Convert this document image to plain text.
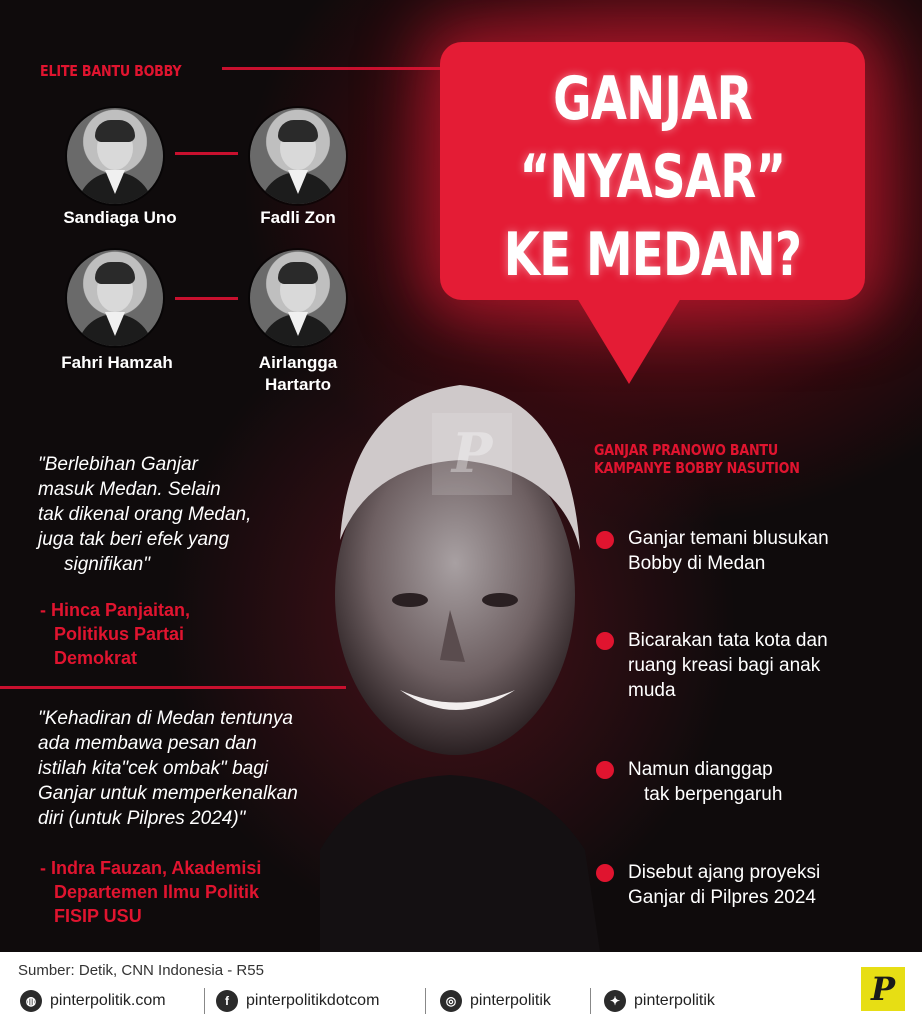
ELITE BANTU BOBBY
Sandiaga Uno	Fadli Zon
Fahri Hamzah	Airlangga
Hartarto
GANJAR
“NYASAR”
KE MEDAN?
P
"Berlebihan Ganjar
masuk Medan. Selain
tak dikenal orang Medan,
juga tak beri efek yang
signifikan"
- Hinca Panjaitan,
Politikus Partai
Demokrat
"Kehadiran di Medan tentunya
ada membawa pesan dan
istilah kita"cek ombak" bagi
Ganjar untuk memperkenalkan
diri (untuk Pilpres 2024)"
- Indra Fauzan, Akademisi
Departemen Ilmu Politik
FISIP USU
GANJAR PRANOWO BANTU
KAMPANYE BOBBY NASUTION
Ganjar temani blusukan
Bobby di Medan
Bicarakan tata kota dan
ruang kreasi bagi anak
muda
Namun dianggap
tak berpengaruh
Disebut ajang proyeksi
Ganjar di Pilpres 2024
Sumber: Detik, CNN Indonesia - R55
◍ pinterpolitik.com	f	pinterpolitikdotcom	◎ pinterpolitik	✦ pinterpolitik	P
